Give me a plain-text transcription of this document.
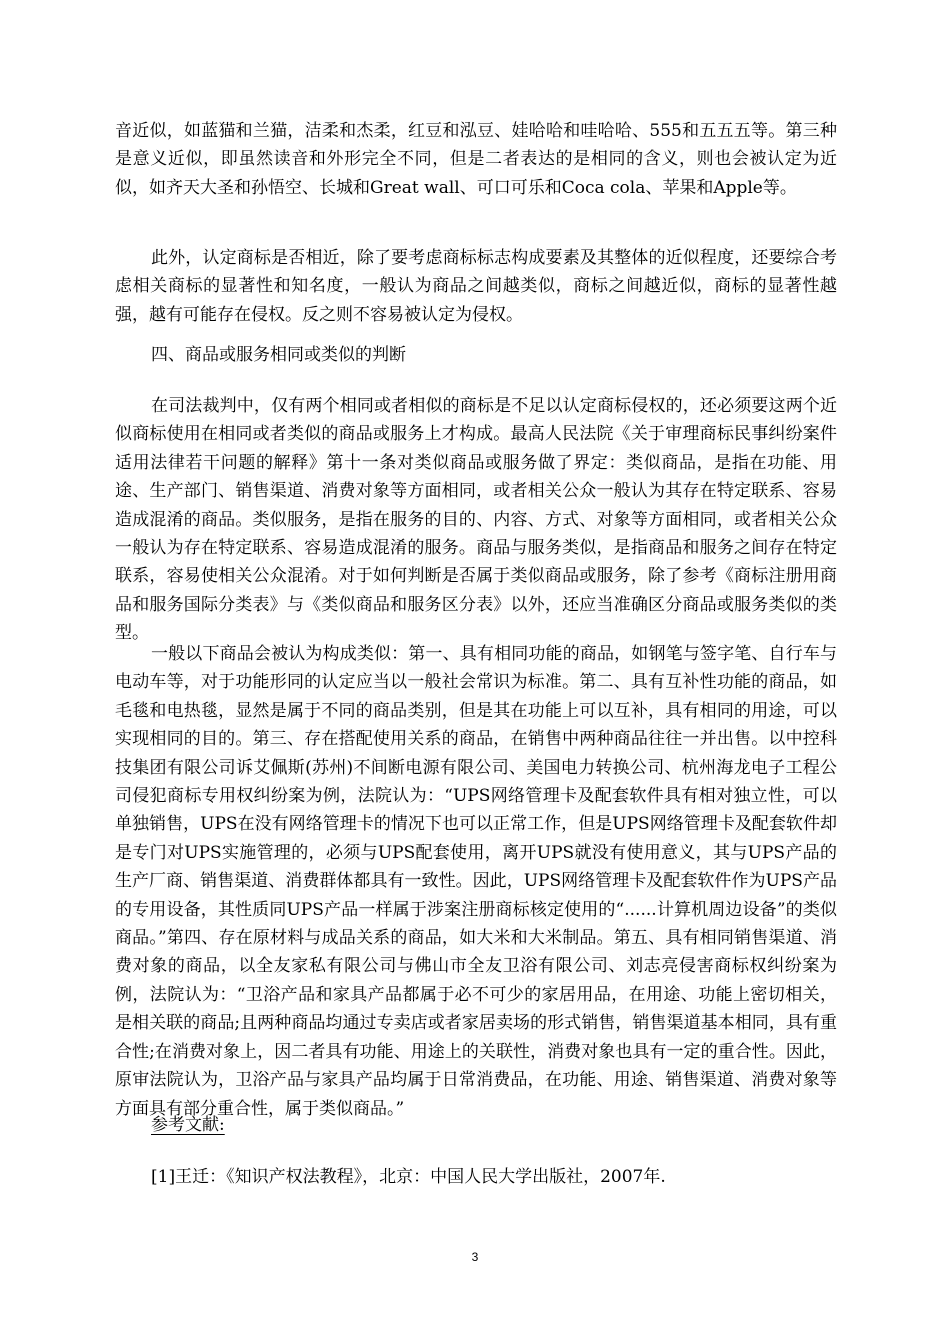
音近似，如蓝猫和兰猫，洁柔和杰柔，红豆和泓豆、娃哈哈和哇哈哈、555和五五五等。第三种是意义近似，即虽然读音和外形完全不同，但是二者表达的是相同的含义，则也会被认定为近似，如齐天大圣和孙悟空、长城和Great wall、可口可乐和Coca cola、苹果和Apple等。

此外，认定商标是否相近，除了要考虑商标标志构成要素及其整体的近似程度，还要综合考虑相关商标的显著性和知名度，一般认为商品之间越类似，商标之间越近似，商标的显著性越强，越有可能存在侵权。反之则不容易被认定为侵权。

四、商品或服务相同或类似的判断

在司法裁判中，仅有两个相同或者相似的商标是不足以认定商标侵权的，还必须要这两个近似商标使用在相同或者类似的商品或服务上才构成。最高人民法院《关于审理商标民事纠纷案件适用法律若干问题的解释》第十一条对类似商品或服务做了界定：类似商品，是指在功能、用途、生产部门、销售渠道、消费对象等方面相同，或者相关公众一般认为其存在特定联系、容易造成混淆的商品。类似服务，是指在服务的目的、内容、方式、对象等方面相同，或者相关公众一般认为存在特定联系、容易造成混淆的服务。商品与服务类似，是指商品和服务之间存在特定联系，容易使相关公众混淆。对于如何判断是否属于类似商品或服务，除了参考《商标注册用商品和服务国际分类表》与《类似商品和服务区分表》以外，还应当准确区分商品或服务类似的类型。

一般以下商品会被认为构成类似：第一、具有相同功能的商品，如钢笔与签字笔、自行车与电动车等，对于功能形同的认定应当以一般社会常识为标准。第二、具有互补性功能的商品，如毛毯和电热毯，显然是属于不同的商品类别，但是其在功能上可以互补，具有相同的用途，可以实现相同的目的。第三、存在搭配使用关系的商品，在销售中两种商品往往一并出售。以中控科技集团有限公司诉艾佩斯(苏州)不间断电源有限公司、美国电力转换公司、杭州海龙电子工程公司侵犯商标专用权纠纷案为例，法院认为：“UPS网络管理卡及配套软件具有相对独立性，可以单独销售，UPS在没有网络管理卡的情况下也可以正常工作，但是UPS网络管理卡及配套软件却是专门对UPS实施管理的，必须与UPS配套使用，离开UPS就没有使用意义，其与UPS产品的生产厂商、销售渠道、消费群体都具有一致性。因此，UPS网络管理卡及配套软件作为UPS产品的专用设备，其性质同UPS产品一样属于涉案注册商标核定使用的“......计算机周边设备”的类似商品。”第四、存在原材料与成品关系的商品，如大米和大米制品。第五、具有相同销售渠道、消费对象的商品，以全友家私有限公司与佛山市全友卫浴有限公司、刘志亮侵害商标权纠纷案为例，法院认为：“卫浴产品和家具产品都属于必不可少的家居用品，在用途、功能上密切相关，是相关联的商品;且两种商品均通过专卖店或者家居卖场的形式销售，销售渠道基本相同，具有重合性;在消费对象上，因二者具有功能、用途上的关联性，消费对象也具有一定的重合性。因此，原审法院认为，卫浴产品与家具产品均属于日常消费品，在功能、用途、销售渠道、消费对象等方面具有部分重合性，属于类似商品。”

参考文献:

[1]王迁：《知识产权法教程》，北京：中国人民大学出版社，2007年.

3
